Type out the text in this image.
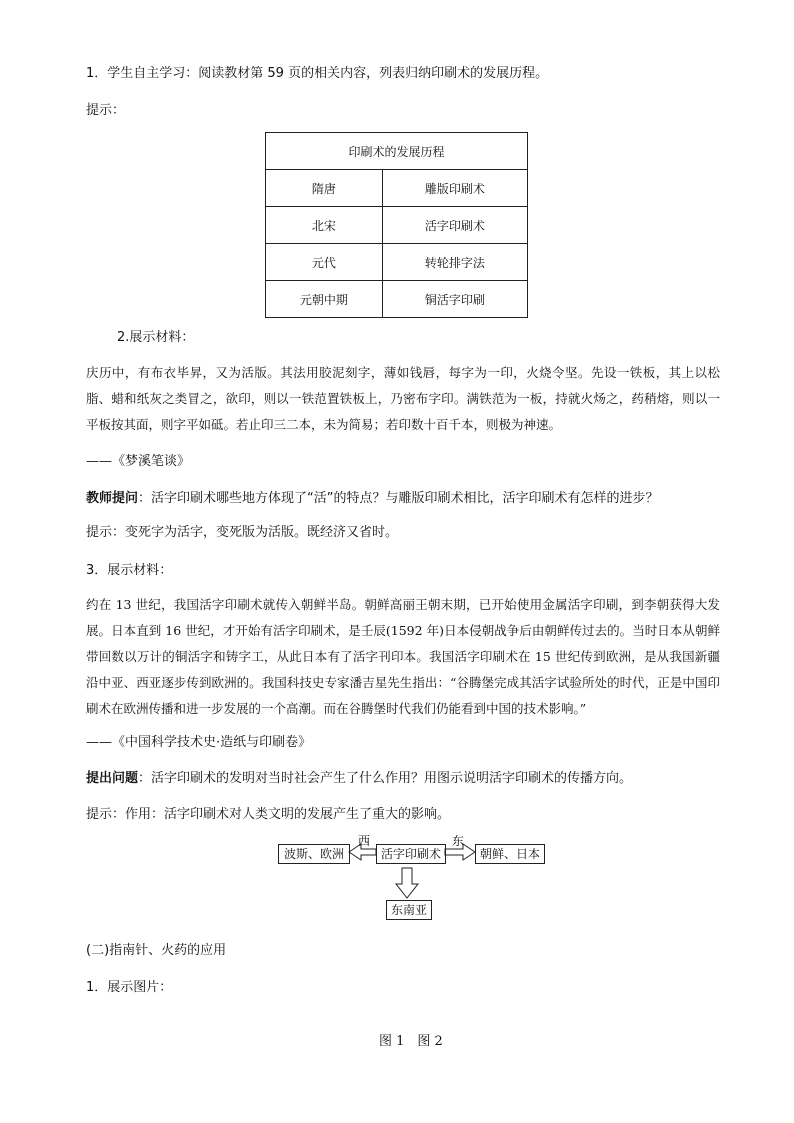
1．学生自主学习：阅读教材第 59 页的相关内容，列表归纳印刷术的发展历程。
提示：
印刷术的发展历程	
隋唐	雕版印刷术
北宋	活字印刷术
元代	转轮排字法
元朝中期	铜活字印刷
2.展示材料：
庆历中，有布衣毕昇，又为活版。其法用胶泥刻字，薄如钱唇，每字为一印，火烧令坚。先设一铁板，其上以松脂、蜡和纸灰之类冒之，欲印，则以一铁范置铁板上，乃密布字印。满铁范为一板，持就火炀之，药稍熔，则以一平板按其面，则字平如砥。若止印三二本，未为简易；若印数十百千本，则极为神速。
——《梦溪笔谈》
教师提问：活字印刷术哪些地方体现了“活”的特点？与雕版印刷术相比，活字印刷术有怎样的进步？
提示：变死字为活字，变死版为活版。既经济又省时。
3．展示材料：
约在 13 世纪，我国活字印刷术就传入朝鲜半岛。朝鲜高丽王朝末期，已开始使用金属活字印刷，到李朝获得大发展。日本直到 16 世纪，才开始有活字印刷术，是壬辰(1592 年)日本侵朝战争后由朝鲜传过去的。当时日本从朝鲜带回数以万计的铜活字和铸字工，从此日本有了活字刊印本。我国活字印刷术在 15 世纪传到欧洲，是从我国新疆沿中亚、西亚逐步传到欧洲的。我国科技史专家潘吉星先生指出：“谷腾堡完成其活字试验所处的时代，正是中国印刷术在欧洲传播和进一步发展的一个高潮。而在谷腾堡时代我们仍能看到中国的技术影响。”
——《中国科学技术史·造纸与印刷卷》
提出问题：活字印刷术的发明对当时社会产生了什么作用？用图示说明活字印刷术的传播方向。
提示：作用：活字印刷术对人类文明的发展产生了重大的影响。
波斯、欧洲	活字印刷术	朝鲜、日本
东南亚
西	东
(二)指南针、火药的应用
1．展示图片：
图 1　图 2
